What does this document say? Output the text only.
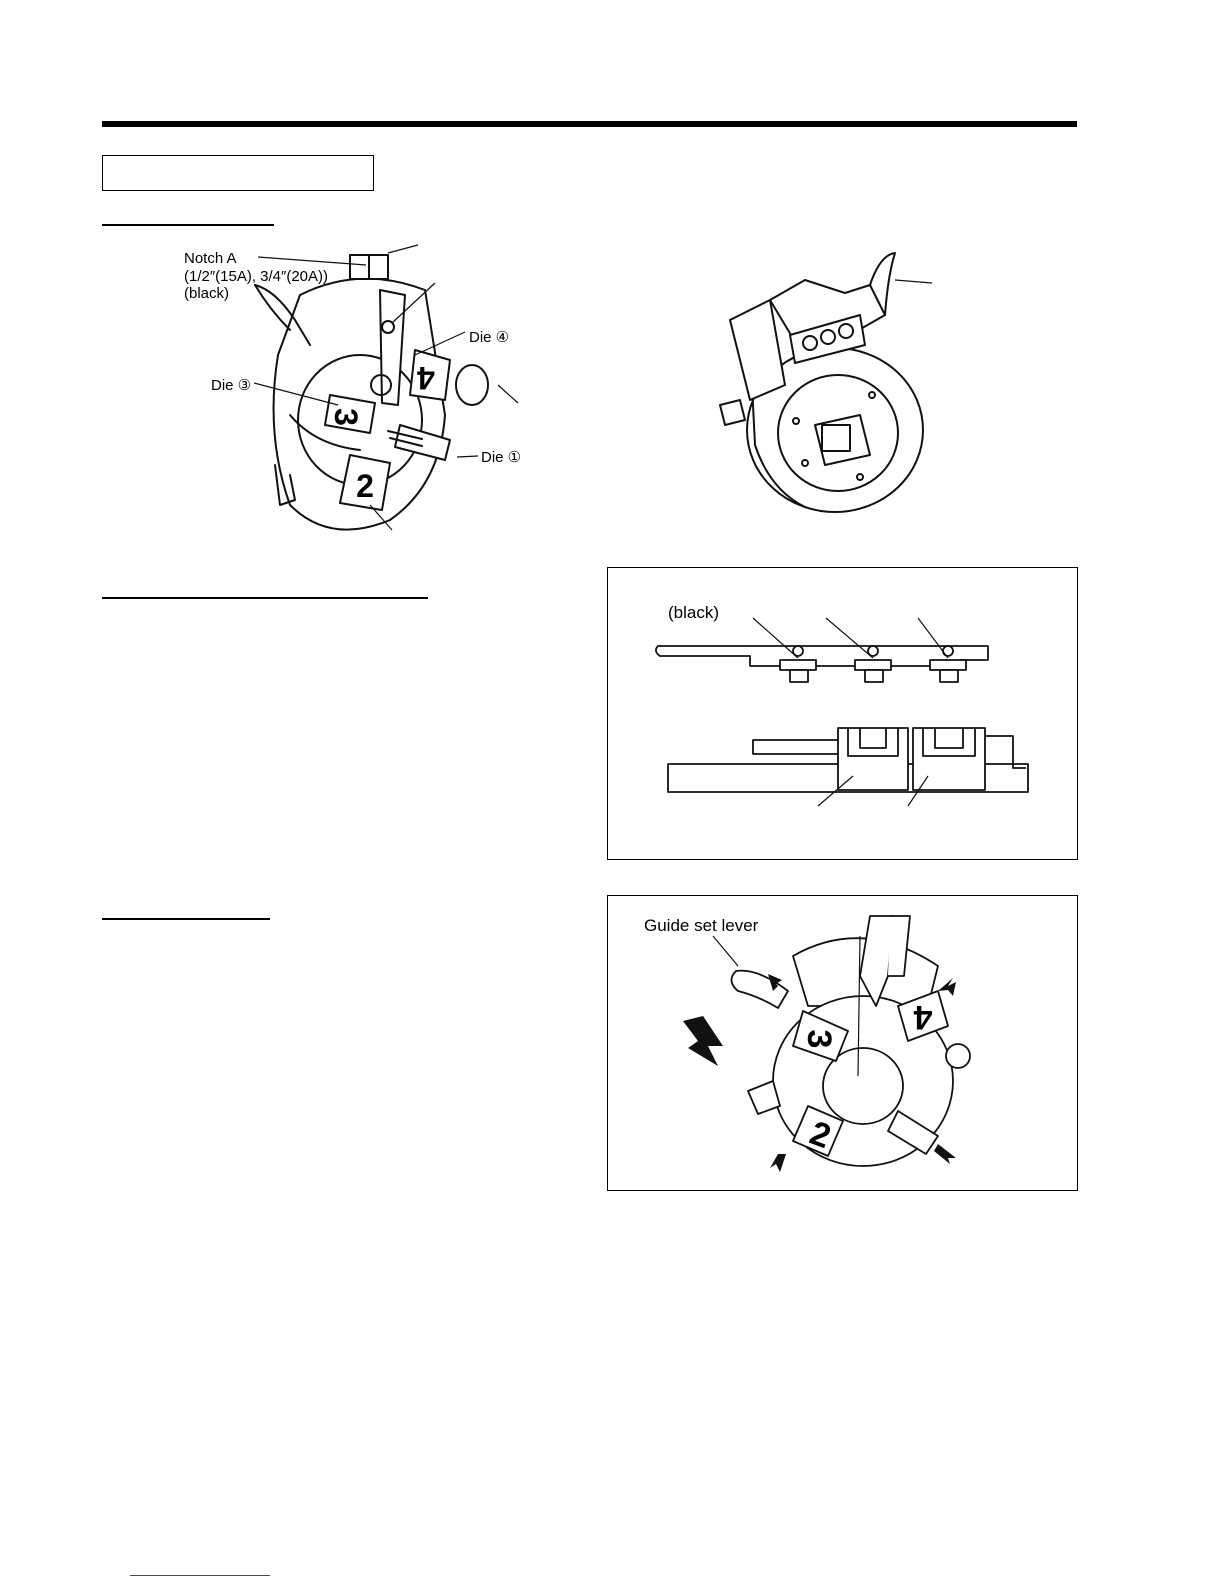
3
4
2
Notch A
(1/2″(15A), 3/4″(20A))
(black)
Die ④
Die ③
Die ①
(black)
3
4
2
Guide set lever
